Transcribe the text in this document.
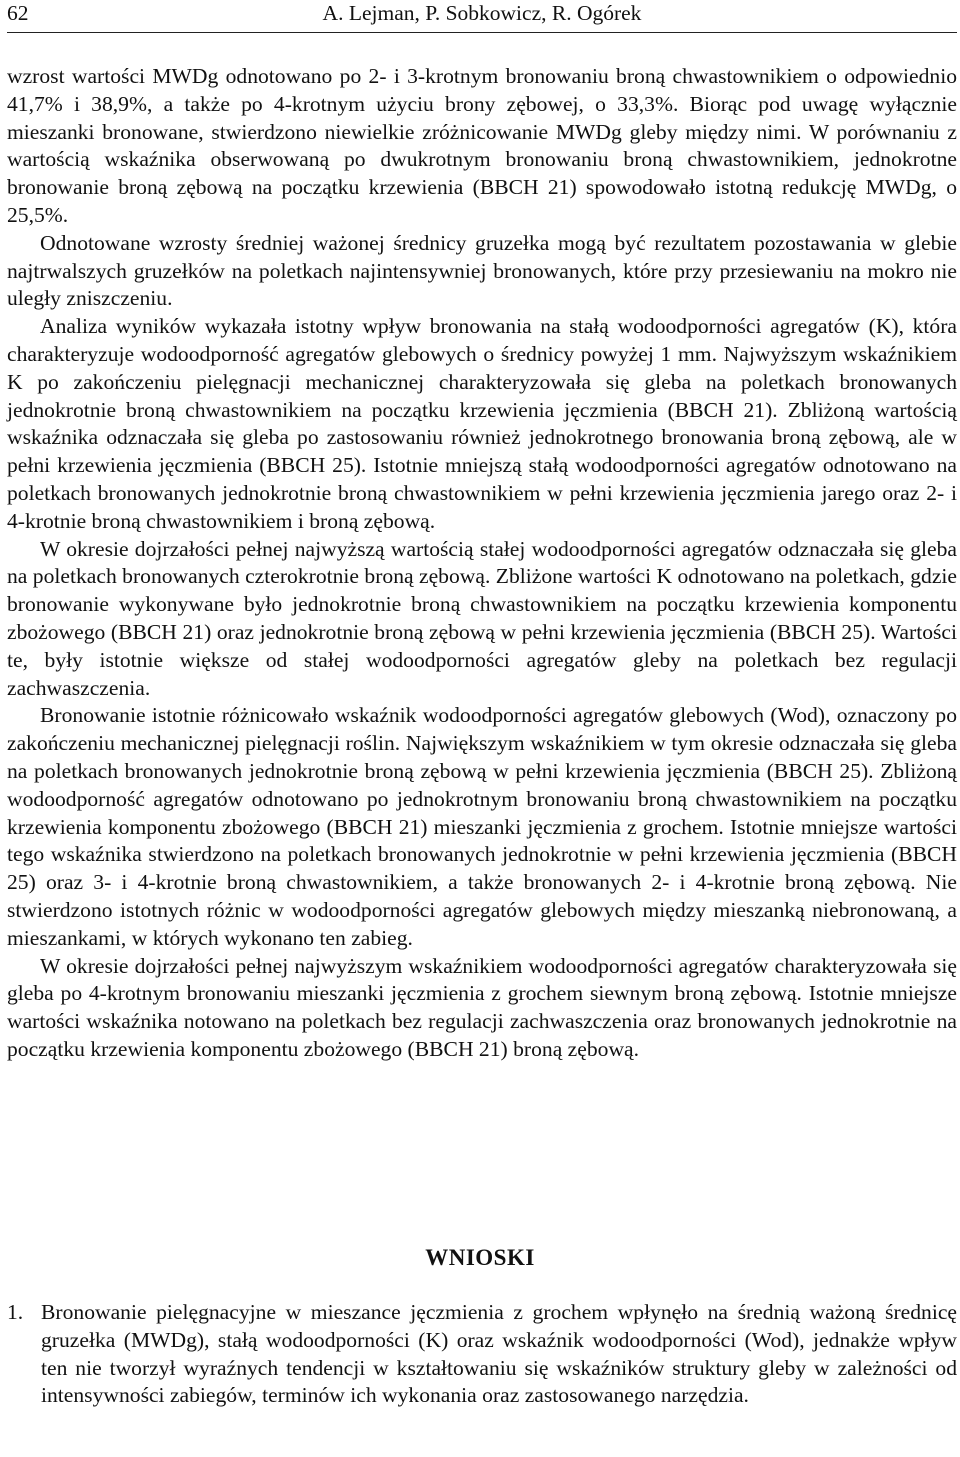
62	A. Lejman, P. Sobkowicz, R. Ogórek

wzrost wartości MWDg odnotowano po 2- i 3-krotnym bronowaniu broną chwastownikiem o odpowiednio 41,7% i 38,9%, a także po 4-krotnym użyciu brony zębowej, o 33,3%. Biorąc pod uwagę wyłącznie mieszanki bronowane, stwierdzono niewielkie zróżnicowanie MWDg gleby między nimi. W porównaniu z wartością wskaźnika obserwowaną po dwukrotnym bronowaniu broną chwastownikiem, jednokrotne bronowanie broną zębową na początku krzewienia (BBCH 21) spowodowało istotną redukcję MWDg, o 25,5%.

Odnotowane wzrosty średniej ważonej średnicy gruzełka mogą być rezultatem pozostawania w glebie najtrwalszych gruzełków na poletkach najintensywniej bronowanych, które przy przesiewaniu na mokro nie uległy zniszczeniu.

Analiza wyników wykazała istotny wpływ bronowania na stałą wodoodporności agregatów (K), która charakteryzuje wodoodporność agregatów glebowych o średnicy powyżej 1 mm. Najwyższym wskaźnikiem K po zakończeniu pielęgnacji mechanicznej charakteryzowała się gleba na poletkach bronowanych jednokrotnie broną chwastownikiem na początku krzewienia jęczmienia (BBCH 21). Zbliżoną wartością wskaźnika odznaczała się gleba po zastosowaniu również jednokrotnego bronowania broną zębową, ale w pełni krzewienia jęczmienia (BBCH 25). Istotnie mniejszą stałą wodoodporności agregatów odnotowano na poletkach bronowanych jednokrotnie broną chwastownikiem w pełni krzewienia jęczmienia jarego oraz 2- i 4-krotnie broną chwastownikiem i broną zębową.

W okresie dojrzałości pełnej najwyższą wartością stałej wodoodporności agregatów odznaczała się gleba na poletkach bronowanych czterokrotnie broną zębową. Zbliżone wartości K odnotowano na poletkach, gdzie bronowanie wykonywane było jednokrotnie broną chwastownikiem na początku krzewienia komponentu zbożowego (BBCH 21) oraz jednokrotnie broną zębową w pełni krzewienia jęczmienia (BBCH 25). Wartości te, były istotnie większe od stałej wodoodporności agregatów gleby na poletkach bez regulacji zachwaszczenia.

Bronowanie istotnie różnicowało wskaźnik wodoodporności agregatów glebowych (Wod), oznaczony po zakończeniu mechanicznej pielęgnacji roślin. Największym wskaźnikiem w tym okresie odznaczała się gleba na poletkach bronowanych jednokrotnie broną zębową w pełni krzewienia jęczmienia (BBCH 25). Zbliżoną wodoodporność agregatów odnotowano po jednokrotnym bronowaniu broną chwastownikiem na początku krzewienia komponentu zbożowego (BBCH 21) mieszanki jęczmienia z grochem. Istotnie mniejsze wartości tego wskaźnika stwierdzono na poletkach bronowanych jednokrotnie w pełni krzewienia jęczmienia (BBCH 25) oraz 3- i 4-krotnie broną chwastownikiem, a także bronowanych 2- i 4-krotnie broną zębową. Nie stwierdzono istotnych różnic w wodoodporności agregatów glebowych między mieszanką niebronowaną, a mieszankami, w których wykonano ten zabieg.

W okresie dojrzałości pełnej najwyższym wskaźnikiem wodoodporności agregatów charakteryzowała się gleba po 4-krotnym bronowaniu mieszanki jęczmienia z grochem siewnym broną zębową. Istotnie mniejsze wartości wskaźnika notowano na poletkach bez regulacji zachwaszczenia oraz bronowanych jednokrotnie na początku krzewienia komponentu zbożowego (BBCH 21) broną zębową.

WNIOSKI
1. Bronowanie pielęgnacyjne w mieszance jęczmienia z grochem wpłynęło na średnią ważoną średnicę gruzełka (MWDg), stałą wodoodporności (K) oraz wskaźnik wodoodporności (Wod), jednakże wpływ ten nie tworzył wyraźnych tendencji w kształtowaniu się wskaźników struktury gleby w zależności od intensywności zabiegów, terminów ich wykonania oraz zastosowanego narzędzia.
